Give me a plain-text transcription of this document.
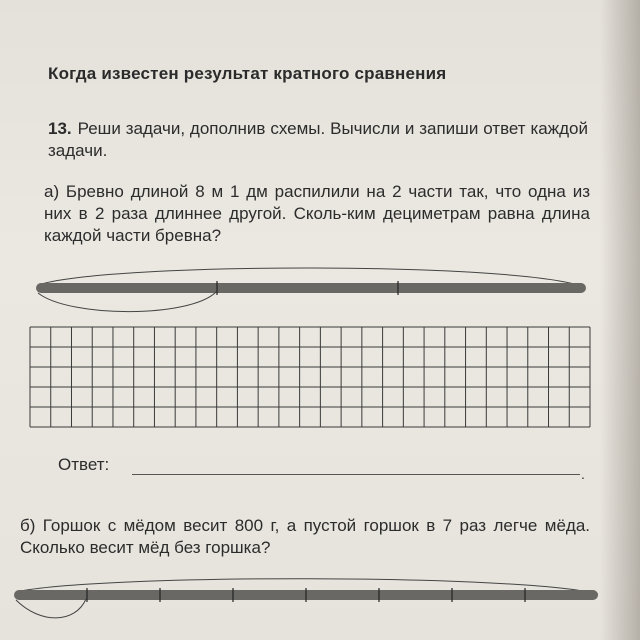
Когда известен результат кратного сравнения

13. Реши задачи, дополнив схемы. Вычисли и запиши ответ каждой задачи.

а) Бревно длиной 8 м 1 дм распилили на 2 части так, что одна из них в 2 раза длиннее другой. Сколь-ким дециметрам равна длина каждой части бревна?

Ответ:	.

б) Горшок с мёдом весит 800 г, а пустой горшок в 7 раз легче мёда. Сколько весит мёд без горшка?
